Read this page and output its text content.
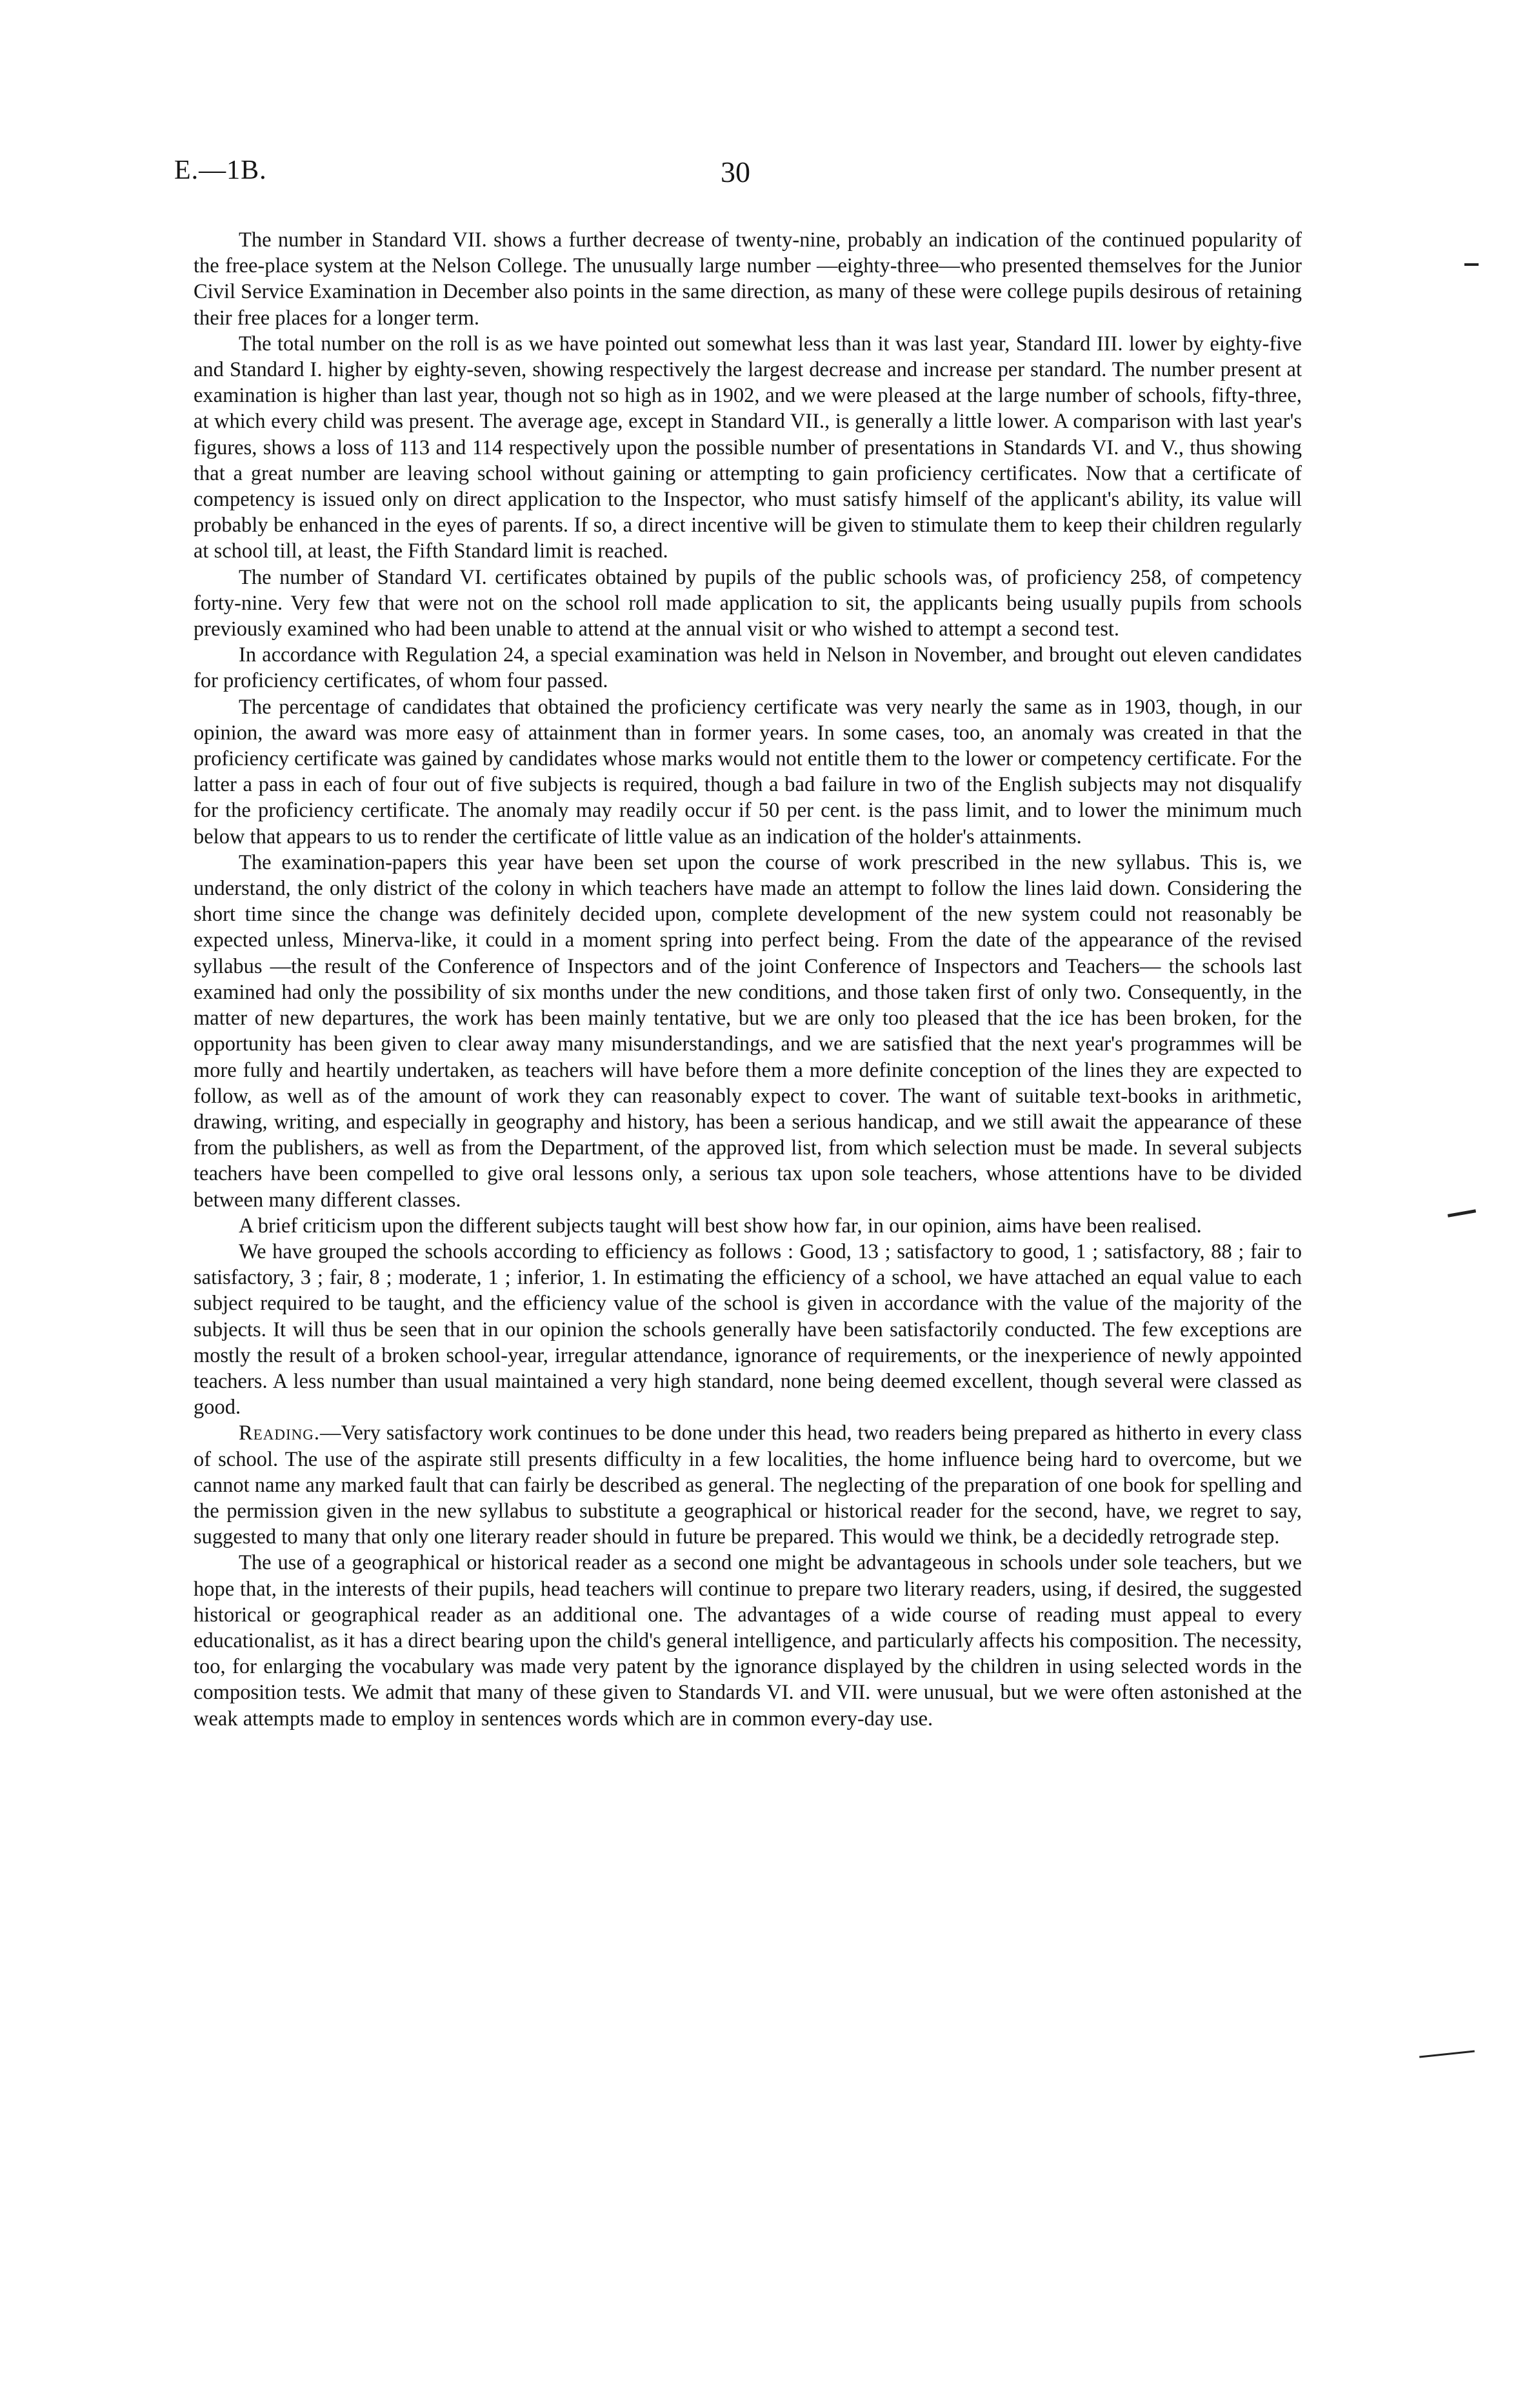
E.—1B.	30

The number in Standard VII. shows a further decrease of twenty-nine, probably an indication of the continued popularity of the free-place system at the Nelson College. The unusually large number —eighty-three—who presented themselves for the Junior Civil Service Examination in December also points in the same direction, as many of these were college pupils desirous of retaining their free places for a longer term.

The total number on the roll is as we have pointed out somewhat less than it was last year, Standard III. lower by eighty-five and Standard I. higher by eighty-seven, showing respectively the largest decrease and increase per standard. The number present at examination is higher than last year, though not so high as in 1902, and we were pleased at the large number of schools, fifty-three, at which every child was present. The average age, except in Standard VII., is generally a little lower. A comparison with last year's figures, shows a loss of 113 and 114 respectively upon the possible number of presentations in Standards VI. and V., thus showing that a great number are leaving school without gaining or attempting to gain proficiency certificates. Now that a certificate of competency is issued only on direct application to the Inspector, who must satisfy himself of the applicant's ability, its value will probably be enhanced in the eyes of parents. If so, a direct incentive will be given to stimulate them to keep their children regularly at school till, at least, the Fifth Standard limit is reached.

The number of Standard VI. certificates obtained by pupils of the public schools was, of proficiency 258, of competency forty-nine. Very few that were not on the school roll made application to sit, the applicants being usually pupils from schools previously examined who had been unable to attend at the annual visit or who wished to attempt a second test.

In accordance with Regulation 24, a special examination was held in Nelson in November, and brought out eleven candidates for proficiency certificates, of whom four passed.

The percentage of candidates that obtained the proficiency certificate was very nearly the same as in 1903, though, in our opinion, the award was more easy of attainment than in former years. In some cases, too, an anomaly was created in that the proficiency certificate was gained by candidates whose marks would not entitle them to the lower or competency certificate. For the latter a pass in each of four out of five subjects is required, though a bad failure in two of the English subjects may not disqualify for the proficiency certificate. The anomaly may readily occur if 50 per cent. is the pass limit, and to lower the minimum much below that appears to us to render the certificate of little value as an indication of the holder's attainments.

The examination-papers this year have been set upon the course of work prescribed in the new syllabus. This is, we understand, the only district of the colony in which teachers have made an attempt to follow the lines laid down. Considering the short time since the change was definitely decided upon, complete development of the new system could not reasonably be expected unless, Minerva-like, it could in a moment spring into perfect being. From the date of the appearance of the revised syllabus —the result of the Conference of Inspectors and of the joint Conference of Inspectors and Teachers— the schools last examined had only the possibility of six months under the new conditions, and those taken first of only two. Consequently, in the matter of new departures, the work has been mainly tentative, but we are only too pleased that the ice has been broken, for the opportunity has been given to clear away many misunderstandings, and we are satisfied that the next year's programmes will be more fully and heartily undertaken, as teachers will have before them a more definite conception of the lines they are expected to follow, as well as of the amount of work they can reasonably expect to cover. The want of suitable text-books in arithmetic, drawing, writing, and especially in geography and history, has been a serious handicap, and we still await the appearance of these from the publishers, as well as from the Department, of the approved list, from which selection must be made. In several subjects teachers have been compelled to give oral lessons only, a serious tax upon sole teachers, whose attentions have to be divided between many different classes.

A brief criticism upon the different subjects taught will best show how far, in our opinion, aims have been realised.

We have grouped the schools according to efficiency as follows : Good, 13 ; satisfactory to good, 1 ; satisfactory, 88 ; fair to satisfactory, 3 ; fair, 8 ; moderate, 1 ; inferior, 1. In estimating the efficiency of a school, we have attached an equal value to each subject required to be taught, and the efficiency value of the school is given in accordance with the value of the majority of the subjects. It will thus be seen that in our opinion the schools generally have been satisfactorily conducted. The few exceptions are mostly the result of a broken school-year, irregular attendance, ignorance of requirements, or the inexperience of newly appointed teachers. A less number than usual maintained a very high standard, none being deemed excellent, though several were classed as good.

Reading.—Very satisfactory work continues to be done under this head, two readers being prepared as hitherto in every class of school. The use of the aspirate still presents difficulty in a few localities, the home influence being hard to overcome, but we cannot name any marked fault that can fairly be described as general. The neglecting of the preparation of one book for spelling and the permission given in the new syllabus to substitute a geographical or historical reader for the second, have, we regret to say, suggested to many that only one literary reader should in future be prepared. This would we think, be a decidedly retrograde step.

The use of a geographical or historical reader as a second one might be advantageous in schools under sole teachers, but we hope that, in the interests of their pupils, head teachers will continue to prepare two literary readers, using, if desired, the suggested historical or geographical reader as an additional one. The advantages of a wide course of reading must appeal to every educationalist, as it has a direct bearing upon the child's general intelligence, and particularly affects his composition. The necessity, too, for enlarging the vocabulary was made very patent by the ignorance displayed by the children in using selected words in the composition tests. We admit that many of these given to Standards VI. and VII. were unusual, but we were often astonished at the weak attempts made to employ in sentences words which are in common every-day use.
